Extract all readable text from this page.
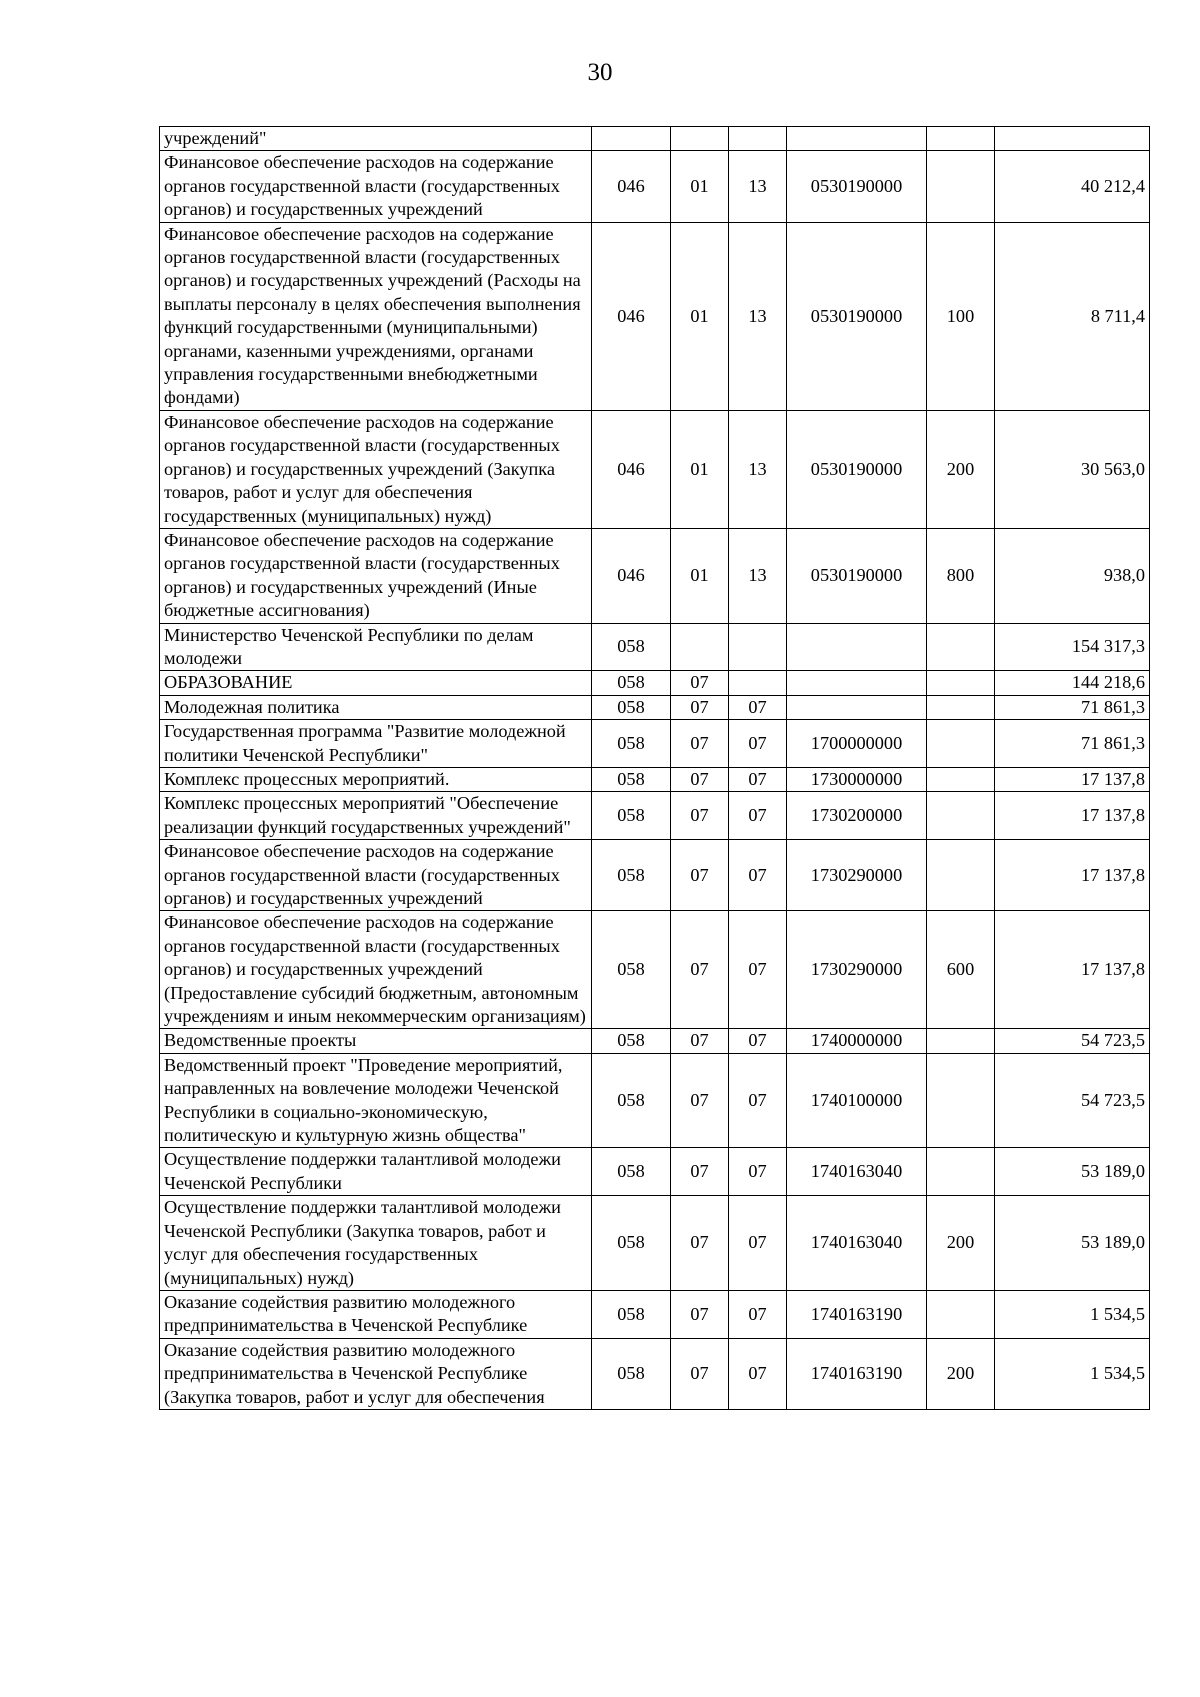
30
учреждений"						
Финансовое обеспечение расходов на содержание органов государственной власти (государственных органов) и государственных учреждений	046	01	13	0530190000		40 212,4
Финансовое обеспечение расходов на содержание органов государственной власти (государственных органов) и государственных учреждений (Расходы на выплаты персоналу в целях обеспечения выполнения функций государственными (муниципальными) органами, казенными учреждениями, органами управления государственными внебюджетными фондами)	046	01	13	0530190000	100	8 711,4
Финансовое обеспечение расходов на содержание органов государственной власти (государственных органов) и государственных учреждений (Закупка товаров, работ и услуг для обеспечения государственных (муниципальных) нужд)	046	01	13	0530190000	200	30 563,0
Финансовое обеспечение расходов на содержание органов государственной власти (государственных органов) и государственных учреждений (Иные бюджетные ассигнования)	046	01	13	0530190000	800	938,0
Министерство Чеченской Республики по делам молодежи	058					154 317,3
ОБРАЗОВАНИЕ	058	07				144 218,6
Молодежная политика	058	07	07			71 861,3
Государственная программа "Развитие молодежной политики Чеченской Республики"	058	07	07	1700000000		71 861,3
Комплекс процессных мероприятий.	058	07	07	1730000000		17 137,8
Комплекс процессных мероприятий "Обеспечение реализации функций государственных учреждений"	058	07	07	1730200000		17 137,8
Финансовое обеспечение расходов на содержание органов государственной власти (государственных органов) и государственных учреждений	058	07	07	1730290000		17 137,8
Финансовое обеспечение расходов на содержание органов государственной власти (государственных органов) и государственных учреждений (Предоставление субсидий бюджетным, автономным учреждениям и иным некоммерческим организациям)	058	07	07	1730290000	600	17 137,8
Ведомственные проекты	058	07	07	1740000000		54 723,5
Ведомственный проект "Проведение мероприятий, направленных на вовлечение молодежи Чеченской Республики в социально-экономическую, политическую и культурную жизнь общества"	058	07	07	1740100000		54 723,5
Осуществление поддержки талантливой молодежи Чеченской Республики	058	07	07	1740163040		53 189,0
Осуществление поддержки талантливой молодежи Чеченской Республики (Закупка товаров, работ и услуг для обеспечения государственных (муниципальных) нужд)	058	07	07	1740163040	200	53 189,0
Оказание содействия развитию молодежного предпринимательства в Чеченской Республике	058	07	07	1740163190		1 534,5
Оказание содействия развитию молодежного предпринимательства в Чеченской Республике (Закупка товаров, работ и услуг для обеспечения	058	07	07	1740163190	200	1 534,5
